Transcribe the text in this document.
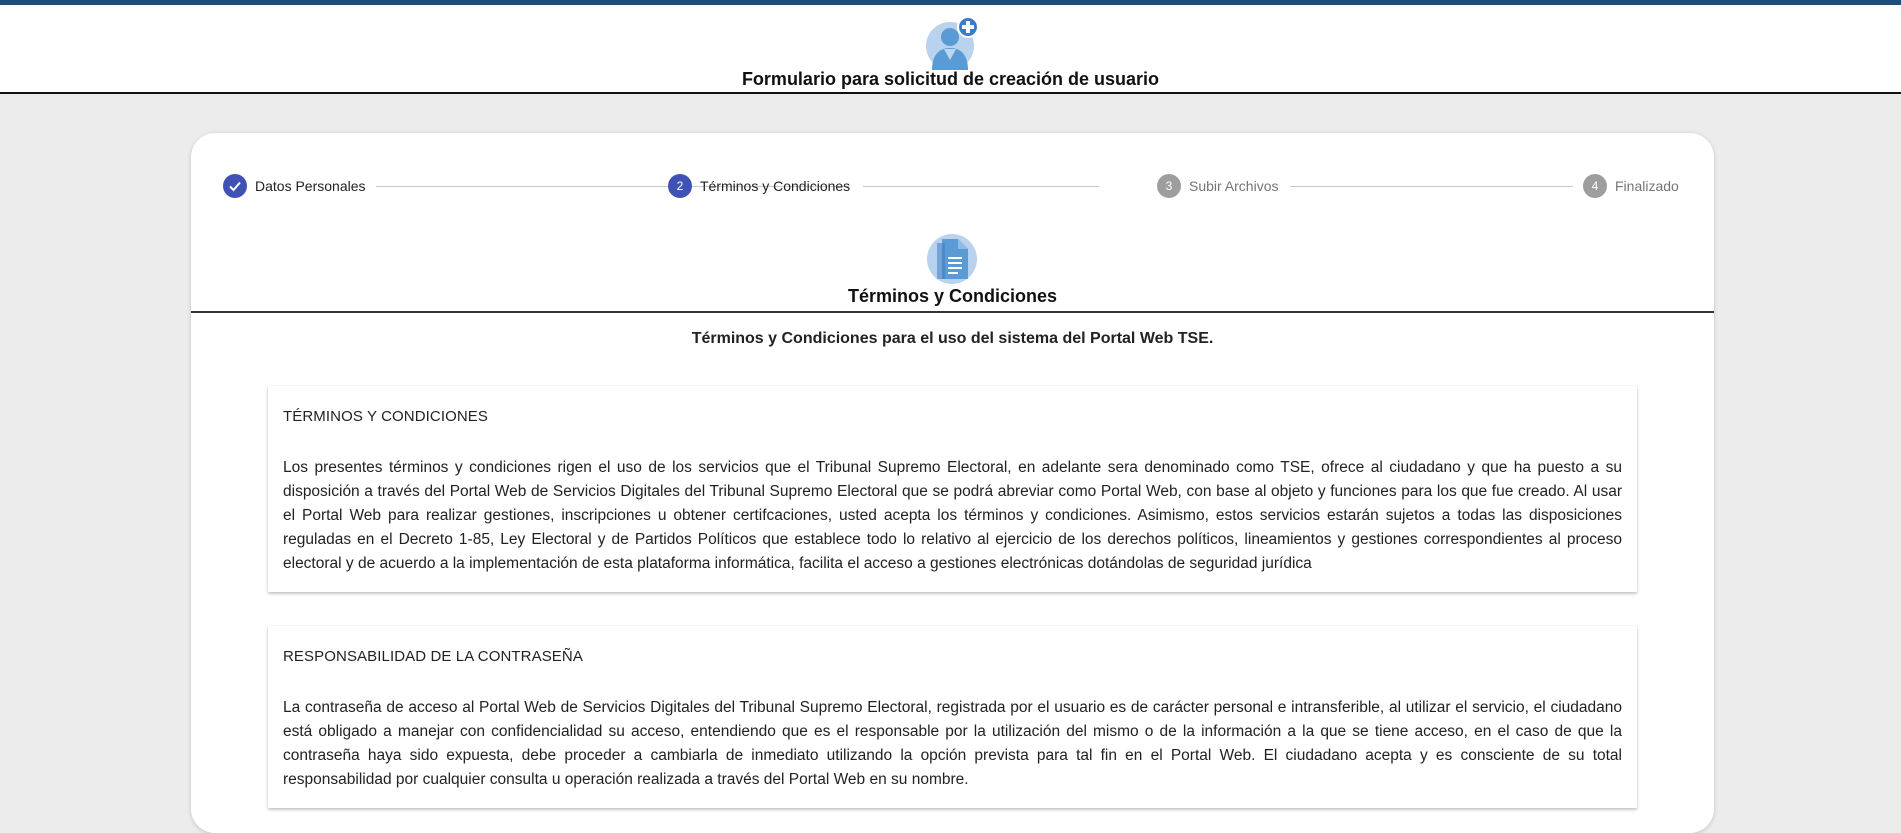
Formulario para solicitud de creación de usuario
Datos Personales	2	Términos y Condiciones	3	Subir Archivos	4	Finalizado
Términos y Condiciones
Términos y Condiciones para el uso del sistema del Portal Web TSE.
TÉRMINOS Y CONDICIONES

Los presentes términos y condiciones rigen el uso de los servicios que el Tribunal Supremo Electoral, en adelante sera denominado como TSE, ofrece al ciudadano y que ha puesto a su disposición a través del Portal Web de Servicios Digitales del Tribunal Supremo Electoral que se podrá abreviar como Portal Web, con base al objeto y funciones para los que fue creado. Al usar el Portal Web para realizar gestiones, inscripciones u obtener certifcaciones, usted acepta los términos y condiciones. Asimismo, estos servicios estarán sujetos a todas las disposiciones reguladas en el Decreto 1-85, Ley Electoral y de Partidos Políticos que establece todo lo relativo al ejercicio de los derechos políticos, lineamientos y gestiones correspondientes al proceso electoral y de acuerdo a la implementación de esta plataforma informática, facilita el acceso a gestiones electrónicas dotándolas de seguridad jurídica

RESPONSABILIDAD DE LA CONTRASEÑA

La contraseña de acceso al Portal Web de Servicios Digitales del Tribunal Supremo Electoral, registrada por el usuario es de carácter personal e intransferible, al utilizar el servicio, el ciudadano está obligado a manejar con confidencialidad su acceso, entendiendo que es el responsable por la utilización del mismo o de la información a la que se tiene acceso, en el caso de que la contraseña haya sido expuesta, debe proceder a cambiarla de inmediato utilizando la opción prevista para tal fin en el Portal Web. El ciudadano acepta y es consciente de su total responsabilidad por cualquier consulta u operación realizada a través del Portal Web en su nombre.
